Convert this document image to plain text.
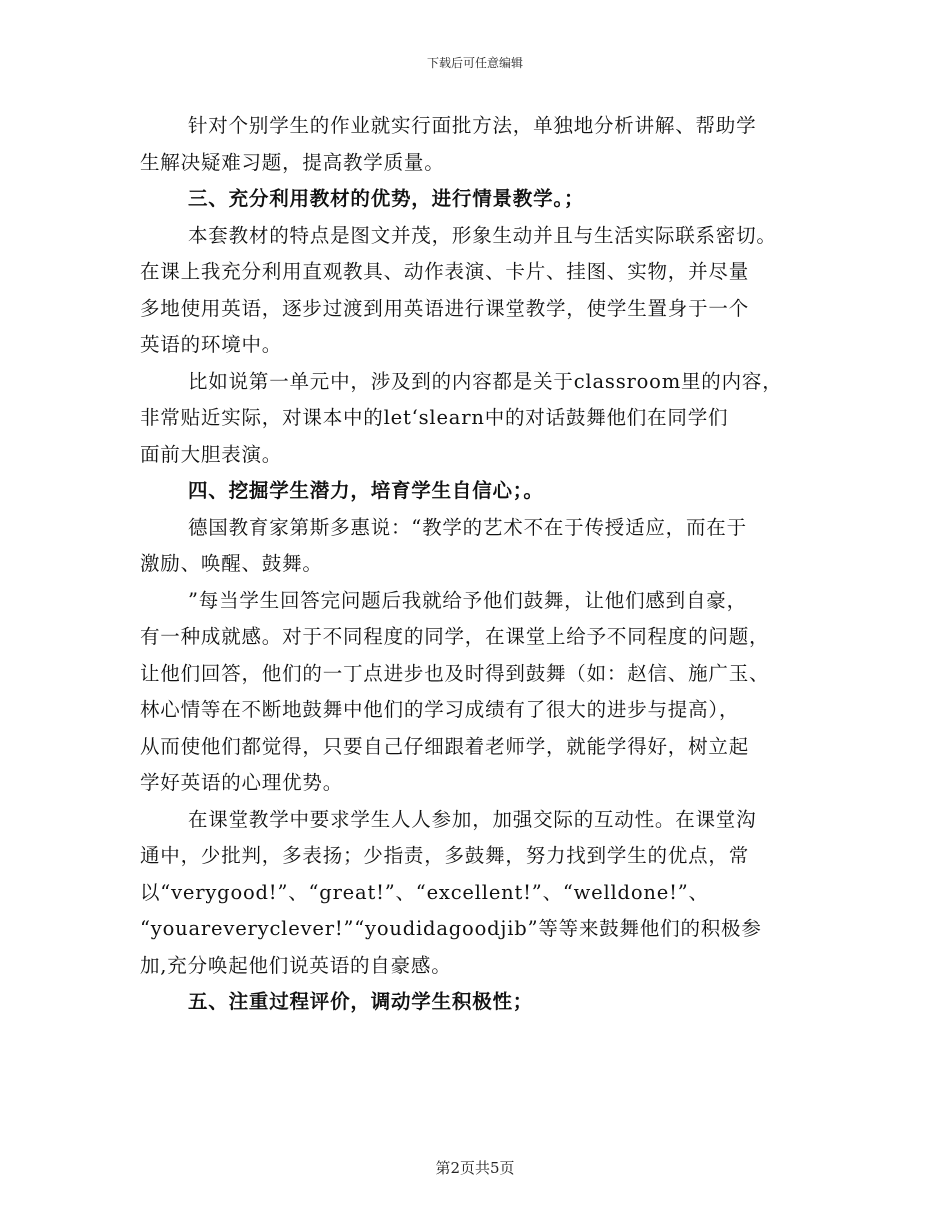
下载后可任意编辑
针对个别学生的作业就实行面批方法，单独地分析讲解、帮助学
生解决疑难习题，提高教学质量。
三、充分利用教材的优势，进行情景教学。；
本套教材的特点是图文并茂，形象生动并且与生活实际联系密切。
在课上我充分利用直观教具、动作表演、卡片、挂图、实物，并尽量
多地使用英语，逐步过渡到用英语进行课堂教学，使学生置身于一个
英语的环境中。
比如说第一单元中，涉及到的内容都是关于classroom里的内容，
非常贴近实际，对课本中的let‘slearn中的对话鼓舞他们在同学们
面前大胆表演。
四、挖掘学生潜力，培育学生自信心；。
德国教育家第斯多惠说：“教学的艺术不在于传授适应，而在于
激励、唤醒、鼓舞。
”每当学生回答完问题后我就给予他们鼓舞，让他们感到自豪，
有一种成就感。对于不同程度的同学，在课堂上给予不同程度的问题，
让他们回答，他们的一丁点进步也及时得到鼓舞（如：赵信、施广玉、
林心情等在不断地鼓舞中他们的学习成绩有了很大的进步与提高），
从而使他们都觉得，只要自己仔细跟着老师学，就能学得好，树立起
学好英语的心理优势。
在课堂教学中要求学生人人参加，加强交际的互动性。在课堂沟
通中，少批判，多表扬；少指责，多鼓舞，努力找到学生的优点，常
以“verygood!”、“great!”、“excellent!”、“welldone!”、
“youareveryclever!”“youdidagoodjib”等等来鼓舞他们的积极参
加,充分唤起他们说英语的自豪感。
五、注重过程评价，调动学生积极性；
第2页共5页
